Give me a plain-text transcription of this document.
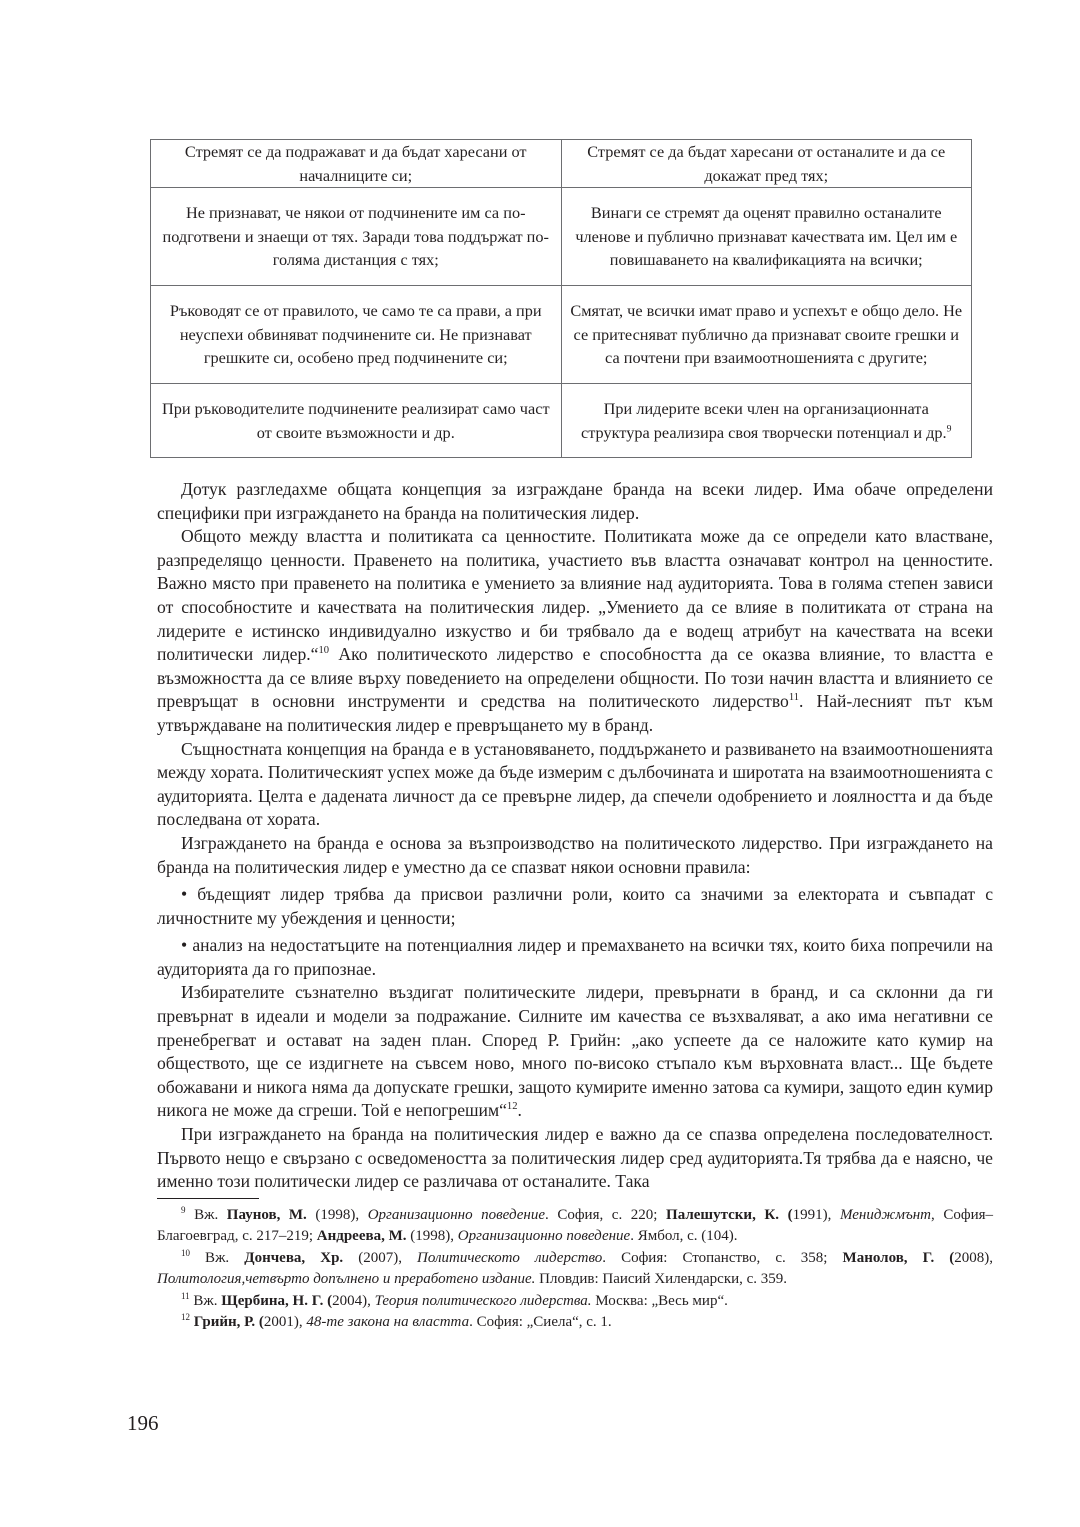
Стремят се да подражават и да бъдат харесани от началниците си;	Стремят се да бъдат харесани от останалите и да се докажат пред тях;
Не признават, че някои от подчинените им са по-подготвени и знаещи от тях. Заради това поддържат по-голяма дистанция с тях;	Винаги се стремят да оценят правилно останалите членове и публично признават качествата им. Цел им е повишаването на квалификацията на всички;
Ръководят се от правилото, че само те са прави, а при неуспехи обвиняват подчинените си. Не признават грешките си, особено пред подчинените си;	Смятат, че всички имат право и успехът е общо дело. Не се притесняват публично да признават своите грешки и са почтени при взаимоотношенията с другите;
При ръководителите подчинените реализират само част от своите възможности и др.	При лидерите всеки член на организационната структура реализира своя творчески потенциал и др.$^9$

Дотук разгледахме общата концепция за изграждане бранда на всеки лидер. Има обаче определени специфики при изграждането на бранда на политическия лидер.

Общото между властта и политиката са ценностите. Политиката може да се определи като властване, разпределящо ценности. Правенето на политика, участието във властта означават контрол на ценностите. Важно място при правенето на политика е умението за влияние над аудиторията. Това в голяма степен зависи от способностите и качествата на политическия лидер. „Умението да се влияе в политиката от страна на лидерите е истинско индивидуално изкуство и би трябвало да е водещ атрибут на качествата на всеки политически лидер.“$^{10}$ Ако политическото лидерство е способността да се оказва влияние, то властта е възможността да се влияе върху поведението на определени общности. По този начин властта и влиянието се превръщат в основни инструменти и средства на политическото лидерство$^{11}$. Най-лесният път към утвърждаване на политическия лидер е превръщането му в бранд.

Същностната концепция на бранда е в установяването, поддържането и развиването на взаимоотношенията между хората. Политическият успех може да бъде измерим с дълбочината и широтата на взаимоотношенията с аудиторията. Целта е дадената личност да се превърне лидер, да спечели одобрението и лоялността и да бъде последвана от хората.

Изграждането на бранда е основа за възпроизводство на политическото лидерство. При изграждането на бранда на политическия лидер е уместно да се спазват някои основни правила:

• бъдещият лидер трябва да присвои различни роли, които са значими за електората и съвпадат с личностните му убеждения и ценности;

• анализ на недостатъците на потенциалния лидер и премахването на всички тях, които биха попречили на аудиторията да го припознае.

Избирателите съзнателно въздигат политическите лидери, превърнати в бранд, и са склонни да ги превърнат в идеали и модели за подражание. Силните им качества се възхваляват, а ако има негативни се пренебрегват и остават на заден план. Според Р. Грийн: „ако успеете да се наложите като кумир на обществото, ще се издигнете на съвсем ново, много по-високо стъпало към върховната власт... Ще бъдете обожавани и никога няма да допускате грешки, защото кумирите именно затова са кумири, защото един кумир никога не може да сгреши. Той е непогрешим“$^{12}$.

При изграждането на бранда на политическия лидер е важно да се спазва определена последователност. Първото нещо е свързано с осведомеността за политическия лидер сред аудиторията.Тя трябва да е наясно, че именно този политически лидер се различава от останалите. Така

$^9$ Вж. Паунов, М. (1998), Организационно поведение. София, с. 220; Палешутски, К. (1991), Мениджмънт, София–Благоевград, с. 217–219; Андреева, М. (1998), Организационно поведение. Ямбол, с. (104).

$^{10}$ Вж. Дончева, Хр. (2007), Политическото лидерство. София: Стопанство, с. 358; Манолов, Г. (2008), Политология,четвърто допълнено и преработено издание. Пловдив: Паисий Хилендарски, с. 359.

$^{11}$ Вж. Щербина, Н. Г. (2004), Теория политического лидерства. Москва: „Весь мир“.

$^{12}$ Грийн, Р. (2001), 48-те закона на властта. София: „Сиела“, с. 1.

196
